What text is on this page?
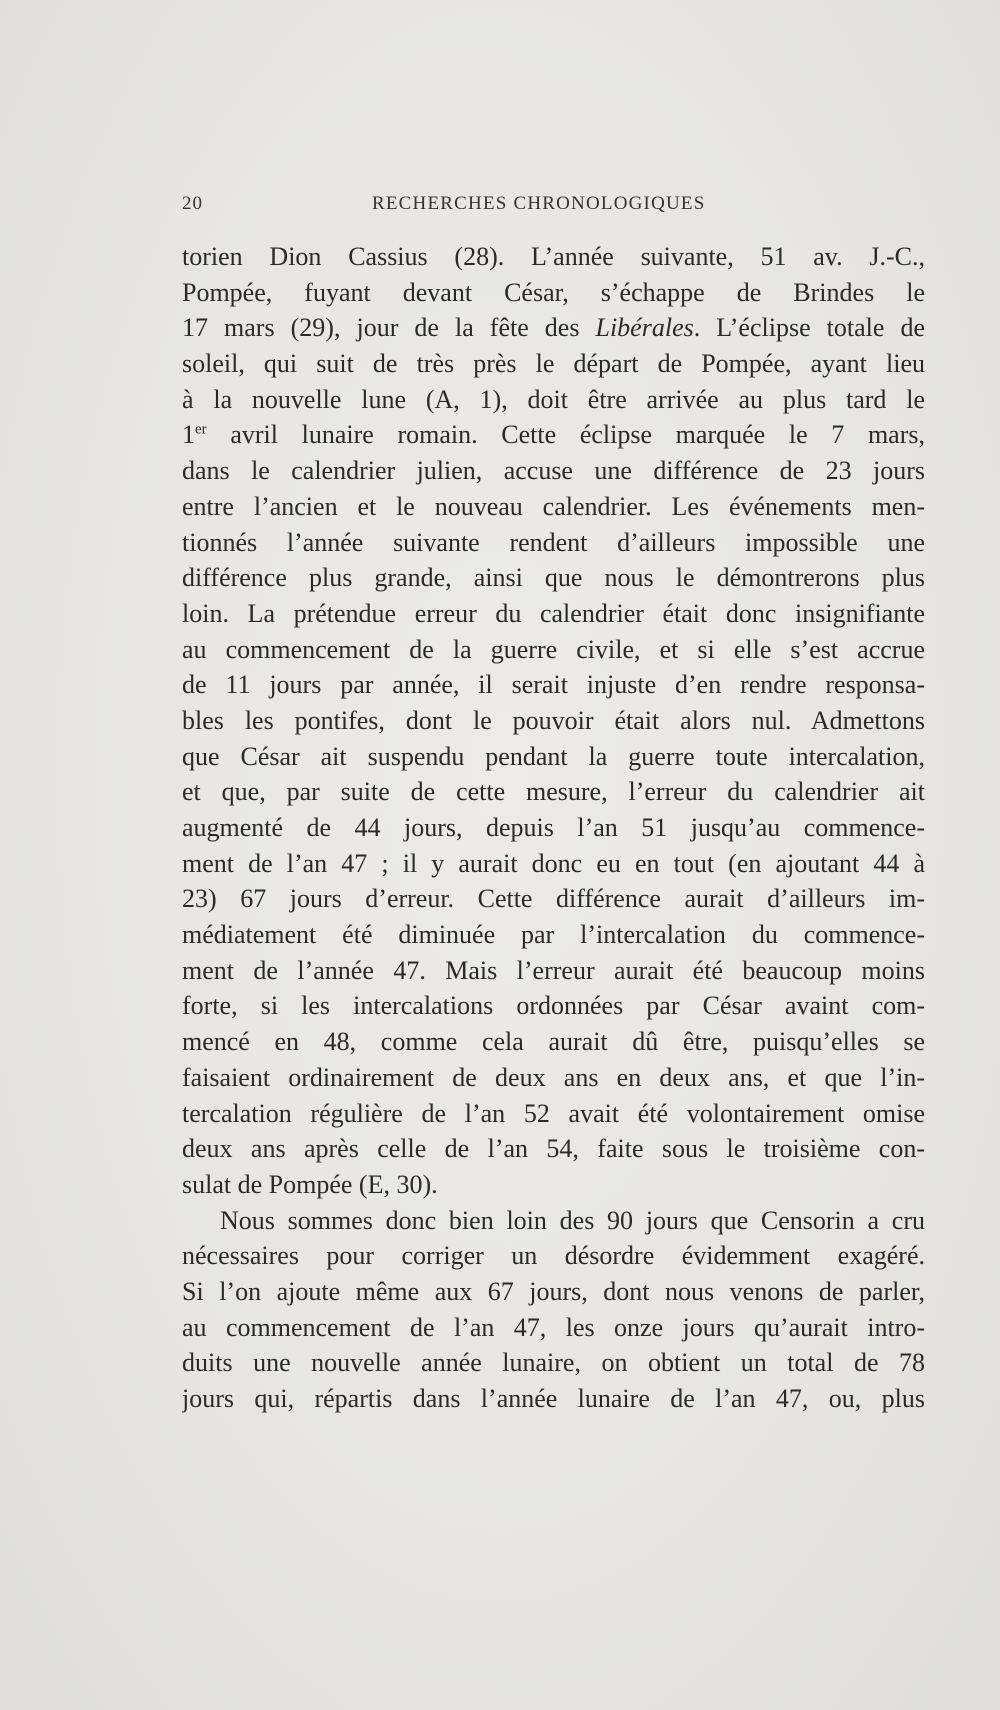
20	RECHERCHES CHRONOLOGIQUES
torien Dion Cassius (28). L’année suivante, 51 av. J.-C.,
Pompée, fuyant devant César, s’échappe de Brindes le
17 mars (29), jour de la fête des Libérales. L’éclipse totale de
soleil, qui suit de très près le départ de Pompée, ayant lieu
à la nouvelle lune (A, 1), doit être arrivée au plus tard le
1er avril lunaire romain. Cette éclipse marquée le 7 mars,
dans le calendrier julien, accuse une différence de 23 jours
entre l’ancien et le nouveau calendrier. Les événements men-
tionnés l’année suivante rendent d’ailleurs impossible une
différence plus grande, ainsi que nous le démontrerons plus
loin. La prétendue erreur du calendrier était donc insignifiante
au commencement de la guerre civile, et si elle s’est accrue
de 11 jours par année, il serait injuste d’en rendre responsa-
bles les pontifes, dont le pouvoir était alors nul. Admettons
que César ait suspendu pendant la guerre toute intercalation,
et que, par suite de cette mesure, l’erreur du calendrier ait
augmenté de 44 jours, depuis l’an 51 jusqu’au commence-
ment de l’an 47 ; il y aurait donc eu en tout (en ajoutant 44 à
23) 67 jours d’erreur. Cette différence aurait d’ailleurs im-
médiatement été diminuée par l’intercalation du commence-
ment de l’année 47. Mais l’erreur aurait été beaucoup moins
forte, si les intercalations ordonnées par César avaint com-
mencé en 48, comme cela aurait dû être, puisqu’elles se
faisaient ordinairement de deux ans en deux ans, et que l’in-
tercalation régulière de l’an 52 avait été volontairement omise
deux ans après celle de l’an 54, faite sous le troisième con-
sulat de Pompée (E, 30).
Nous sommes donc bien loin des 90 jours que Censorin a cru
nécessaires pour corriger un désordre évidemment exagéré.
Si l’on ajoute même aux 67 jours, dont nous venons de parler,
au commencement de l’an 47, les onze jours qu’aurait intro-
duits une nouvelle année lunaire, on obtient un total de 78
jours qui, répartis dans l’année lunaire de l’an 47, ou, plus
